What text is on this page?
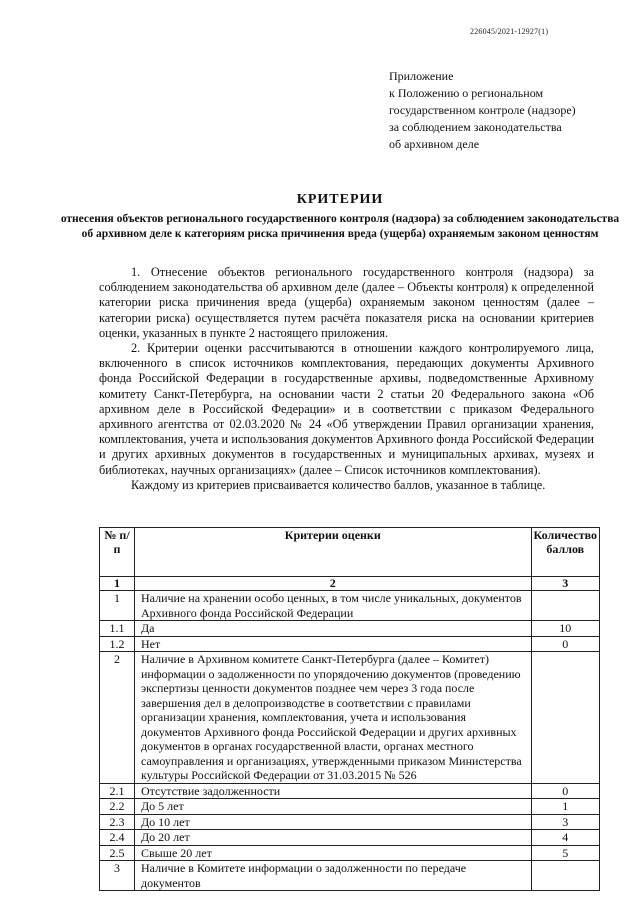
226045/2021-12927(1)
Приложение
к Положению о региональном
государственном контроле (надзоре)
за соблюдением законодательства
об архивном деле
КРИТЕРИИ
отнесения объектов регионального государственного контроля (надзора) за соблюдением законодательства об архивном деле к категориям риска причинения вреда (ущерба) охраняемым законом ценностям

1. Отнесение объектов регионального государственного контроля (надзора) за соблюдением законодательства об архивном деле (далее – Объекты контроля) к определенной категории риска причинения вреда (ущерба) охраняемым законом ценностям (далее – категории риска) осуществляется путем расчёта показателя риска на основании критериев оценки, указанных в пункте 2 настоящего приложения.

2. Критерии оценки рассчитываются в отношении каждого контролируемого лица, включенного в список источников комплектования, передающих документы Архивного фонда Российской Федерации в государственные архивы, подведомственные Архивному комитету Санкт-Петербурга, на основании части 2 статьи 20 Федерального закона «Об архивном деле в Российской Федерации» и в соответствии с приказом Федерального архивного агентства от 02.03.2020 № 24 «Об утверждении Правил организации хранения, комплектования, учета и использования документов Архивного фонда Российской Федерации и других архивных документов в государственных и муниципальных архивах, музеях и библиотеках, научных организациях» (далее – Список источников комплектования).

Каждому из критериев присваивается количество баллов, указанное в таблице.

№ п/п	Критерии оценки	Количество баллов
1	2	3
1	Наличие на хранении особо ценных, в том числе уникальных, документов Архивного фонда Российской Федерации	
1.1	Да	10
1.2	Нет	0
2	Наличие в Архивном комитете Санкт-Петербурга (далее – Комитет) информации о задолженности по упорядочению документов (проведению экспертизы ценности документов позднее чем через 3 года после завершения дел в делопроизводстве в соответствии с правилами организации хранения, комплектования, учета и использования документов Архивного фонда Российской Федерации и других архивных документов в органах государственной власти, органах местного самоуправления и организациях, утвержденными приказом Министерства культуры Российской Федерации от 31.03.2015 № 526	
2.1	Отсутствие задолженности	0
2.2	До 5 лет	1
2.3	До 10 лет	3
2.4	До 20 лет	4
2.5	Свыше 20 лет	5
3	Наличие в Комитете информации о задолженности по передаче документов	
